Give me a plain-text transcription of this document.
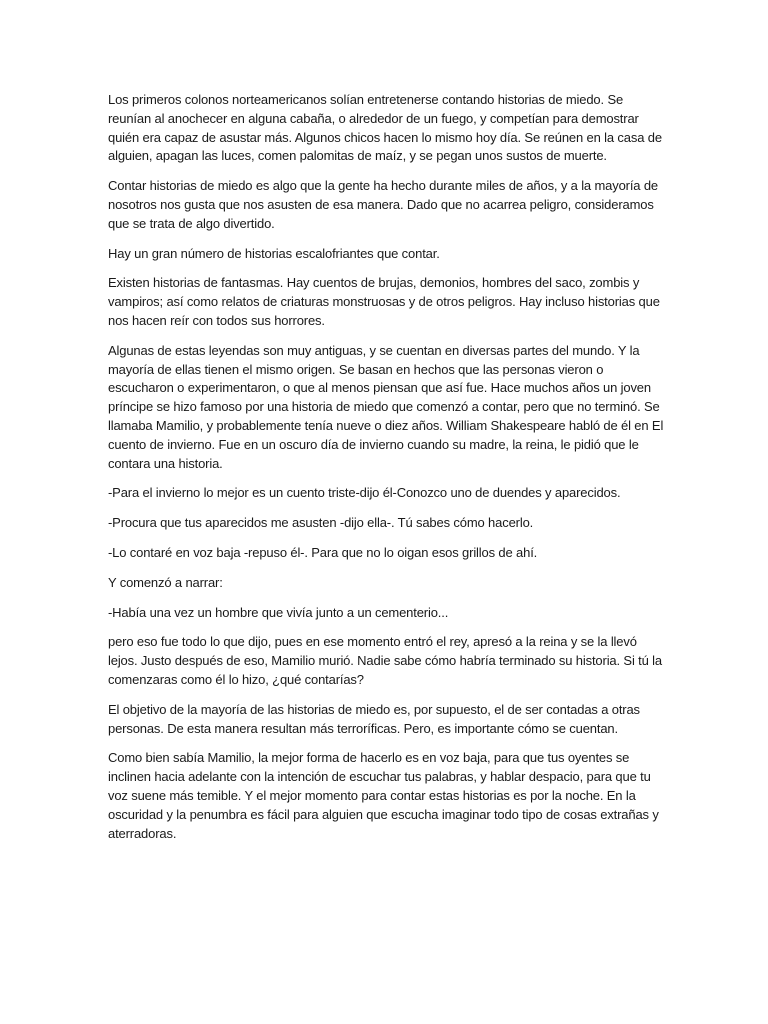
Los primeros colonos norteamericanos solían entretenerse contando historias de miedo. Se reunían al anochecer en alguna cabaña, o alrededor de un fuego, y competían para demostrar quién era capaz de asustar más. Algunos chicos hacen lo mismo hoy día. Se reúnen en la casa de alguien, apagan las luces, comen palomitas de maíz, y se pegan unos sustos de muerte.

Contar historias de miedo es algo que la gente ha hecho durante miles de años, y a la mayoría de nosotros nos gusta que nos asusten de esa manera. Dado que no acarrea peligro, consideramos que se trata de algo divertido.

Hay un gran número de historias escalofriantes que contar.

Existen historias de fantasmas. Hay cuentos de brujas, demonios, hombres del saco, zombis y vampiros; así como relatos de criaturas monstruosas y de otros peligros. Hay incluso historias que nos hacen reír con todos sus horrores.

Algunas de estas leyendas son muy antiguas, y se cuentan en diversas partes del mundo. Y la mayoría de ellas tienen el mismo origen. Se basan en hechos que las personas vieron o escucharon o experimentaron, o que al menos piensan que así fue. Hace muchos años un joven príncipe se hizo famoso por una historia de miedo que comenzó a contar, pero que no terminó. Se llamaba Mamilio, y probablemente tenía nueve o diez años. William Shakespeare habló de él en El cuento de invierno. Fue en un oscuro día de invierno cuando su madre, la reina, le pidió que le contara una historia.

-Para el invierno lo mejor es un cuento triste-dijo él-Conozco uno de duendes y aparecidos.

-Procura que tus aparecidos me asusten -dijo ella-. Tú sabes cómo hacerlo.

-Lo contaré en voz baja -repuso él-. Para que no lo oigan esos grillos de ahí.

Y comenzó a narrar:

-Había una vez un hombre que vivía junto a un cementerio...

pero eso fue todo lo que dijo, pues en ese momento entró el rey, apresó a la reina y se la llevó lejos. Justo después de eso, Mamilio murió. Nadie sabe cómo habría terminado su historia. Si tú la comenzaras como él lo hizo, ¿qué contarías?

El objetivo de la mayoría de las historias de miedo es, por supuesto, el de ser contadas a otras personas. De esta manera resultan más terroríficas. Pero, es importante cómo se cuentan.

Como bien sabía Mamilio, la mejor forma de hacerlo es en voz baja, para que tus oyentes se inclinen hacia adelante con la intención de escuchar tus palabras, y hablar despacio, para que tu voz suene más temible. Y el mejor momento para contar estas historias es por la noche. En la oscuridad y la penumbra es fácil para alguien que escucha imaginar todo tipo de cosas extrañas y aterradoras.
